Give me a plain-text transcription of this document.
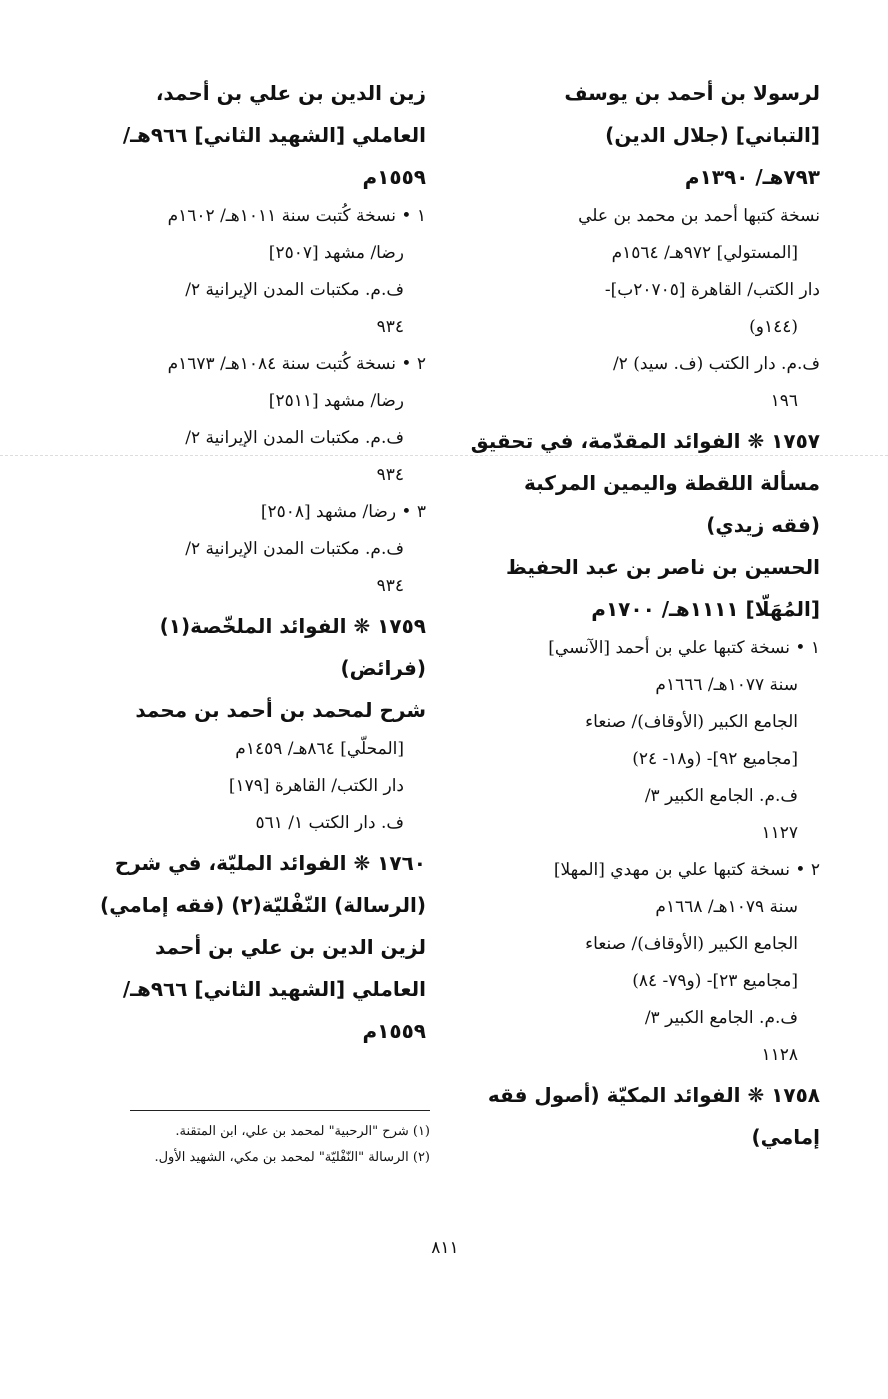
لرسولا بن أحمد بن يوسف
[التباني] (جلال الدين)
٧٩٣هـ/ ١٣٩٠م
نسخة كتبها أحمد بن محمد بن علي
[المستولي] ٩٧٢هـ/ ١٥٦٤م
دار الكتب/ القاهرة [٢٠٧٠٥ب]-
(١٤٤و)
ف.م. دار الكتب (ف. سيد) ٢/
١٩٦
١٧٥٧ ❋ الفوائد المقدّمة، في تحقيق
مسألة اللقطة واليمين المركبة
(فقه زيدي)
الحسين بن ناصر بن عبد الحفيظ
[المُهَلّا] ١١١١هـ/ ١٧٠٠م
١ • نسخة كتبها علي بن أحمد [الآنسي]
سنة ١٠٧٧هـ/ ١٦٦٦م
الجامع الكبير (الأوقاف)/ صنعاء
[مجاميع ٩٢]- (و١٨- ٢٤)
ف.م. الجامع الكبير ٣/
١١٢٧
٢ • نسخة كتبها علي بن مهدي [المهلا]
سنة ١٠٧٩هـ/ ١٦٦٨م
الجامع الكبير (الأوقاف)/ صنعاء
[مجاميع ٢٣]- (و٧٩- ٨٤)
ف.م. الجامع الكبير ٣/
١١٢٨
١٧٥٨ ❋ الفوائد المكيّة (أصول فقه
إمامي)
زين الدين بن علي بن أحمد،
العاملي [الشهيد الثاني] ٩٦٦هـ/
١٥٥٩م
١ • نسخة كُتبت سنة ١٠١١هـ/ ١٦٠٢م
رضا/ مشهد [٢٥٠٧]
ف.م. مكتبات المدن الإيرانية ٢/
٩٣٤
٢ • نسخة كُتبت سنة ١٠٨٤هـ/ ١٦٧٣م
رضا/ مشهد [٢٥١١]
ف.م. مكتبات المدن الإيرانية ٢/
٩٣٤
٣ • رضا/ مشهد [٢٥٠٨]
ف.م. مكتبات المدن الإيرانية ٢/
٩٣٤
١٧٥٩ ❋ الفوائد الملخّصة(١)
(فرائض)
شرح لمحمد بن أحمد بن محمد
[المحلّي] ٨٦٤هـ/ ١٤٥٩م
دار الكتب/ القاهرة [١٧٩]
ف. دار الكتب ١/ ٥٦١
١٧٦٠ ❋ الفوائد المليّة، في شرح
(الرسالة) النّفْليّة(٢) (فقه إمامي)
لزين الدين بن علي بن أحمد
العاملي [الشهيد الثاني] ٩٦٦هـ/
١٥٥٩م
(١) شرح "الرحبية" لمحمد بن علي، ابن المتقنة.
(٢) الرسالة "النّفْليّة" لمحمد بن مكي، الشهيد الأول.
٨١١
